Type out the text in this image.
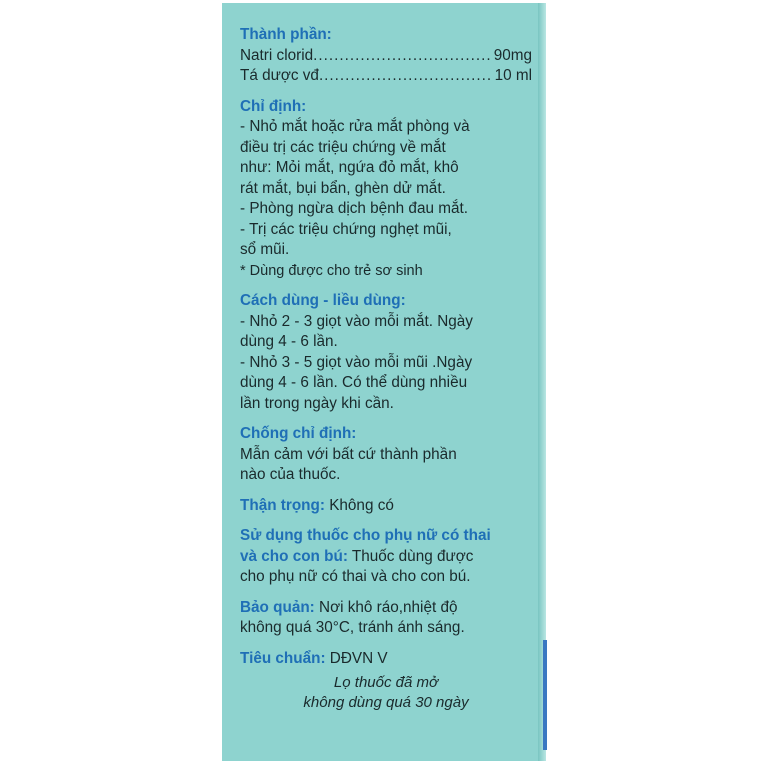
Thành phần:
Natri clorid .....	90mg
Tá dược vđ .....	10 ml
Chỉ định:
- Nhỏ mắt hoặc rửa mắt phòng và
điều trị các triệu chứng về mắt
như: Mỏi mắt, ngứa đỏ mắt, khô
rát mắt, bụi bẩn, ghèn dử mắt.
- Phòng ngừa dịch bệnh đau mắt.
- Trị các triệu chứng nghẹt mũi,
sổ mũi.
* Dùng được cho trẻ sơ sinh
Cách dùng - liều dùng:
- Nhỏ 2 - 3 giọt vào mỗi mắt. Ngày
dùng 4 - 6 lần.
- Nhỏ 3 - 5 giọt vào mỗi mũi .Ngày
dùng 4 - 6 lần. Có thể dùng nhiều
lần trong ngày khi cần.
Chống chỉ định:
Mẫn cảm với bất cứ thành phần
nào của thuốc.
Thận trọng: Không có
Sử dụng thuốc cho phụ nữ có thai
và cho con bú: Thuốc dùng được
cho phụ nữ có thai và cho con bú.
Bảo quản: Nơi khô ráo,nhiệt độ
không quá 30°C, tránh ánh sáng.
Tiêu chuẩn: DĐVN V
Lọ thuốc đã mở
không dùng quá 30 ngày
